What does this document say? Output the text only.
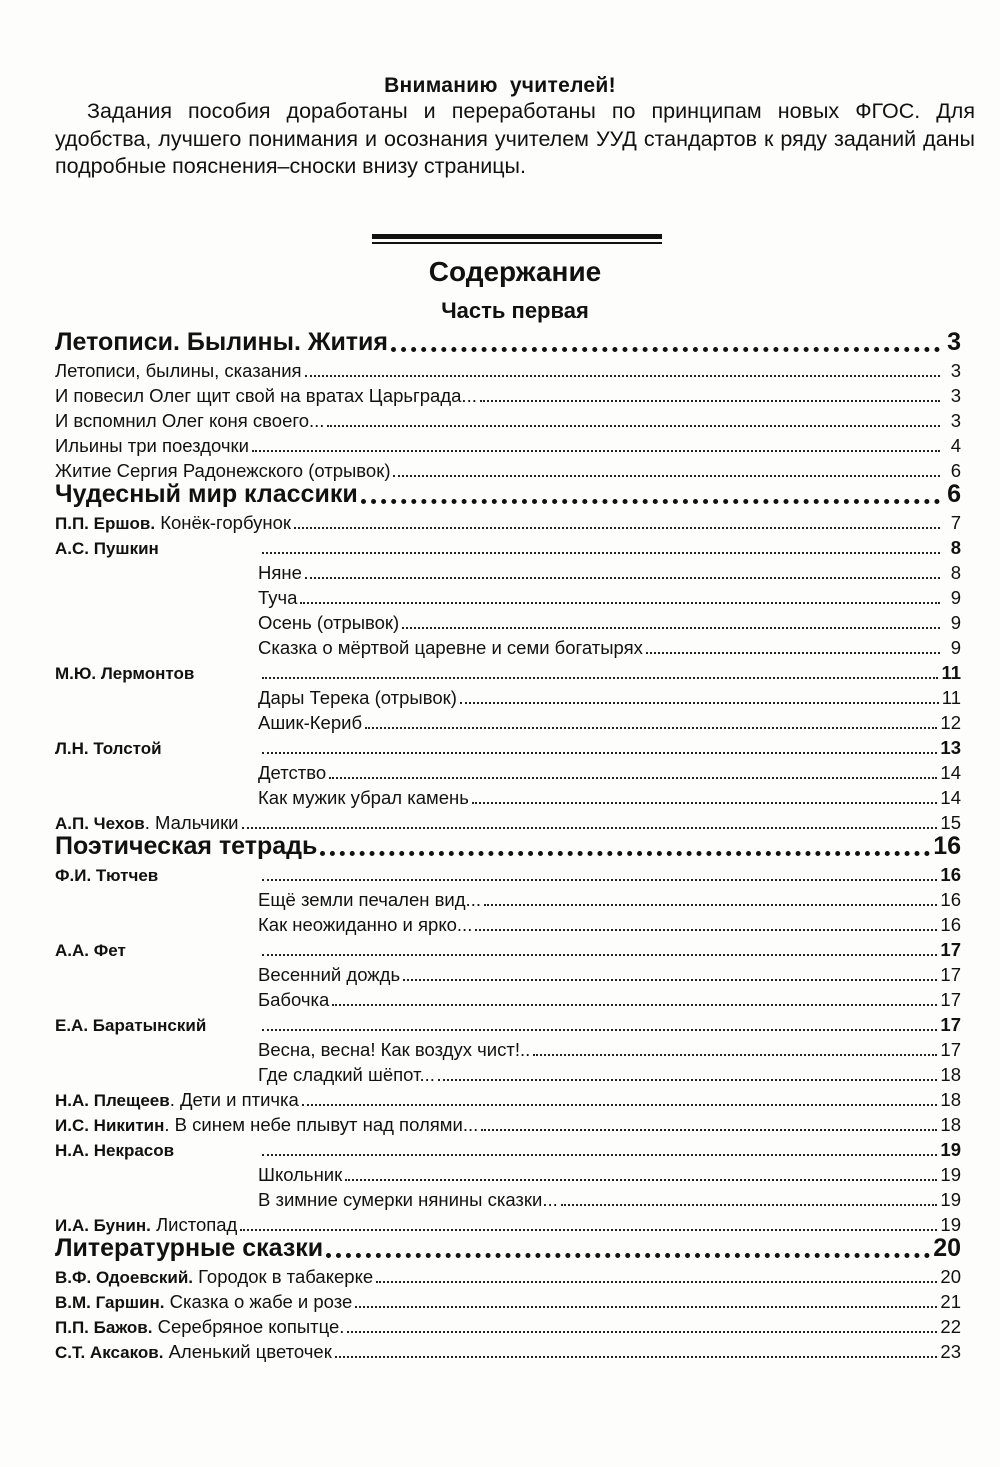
Вниманию учителей!
Задания пособия доработаны и переработаны по принципам новых ФГОС. Для удобства, лучшего понимания и осознания учителем УУД стандартов к ряду заданий даны подробные пояснения–сноски внизу страницы.
Содержание
Часть первая
Летописи. Былины. Жития	3
Летописи, былины, сказания	3
И повесил Олег щит свой на вратах Царьграда...	3
И вспомнил Олег коня своего...	3
Ильины три поездочки	4
Житие Сергия Радонежского (отрывок)	6
Чудесный мир классики	6
П.П. Ершов. Конёк-горбунок	7
А.С. Пушкин	8
Няне	8
Туча	9
Осень (отрывок)	9
Сказка о мёртвой царевне и семи богатырях	9
М.Ю. Лермонтов	11
Дары Терека (отрывок)	11
Ашик-Кериб	12
Л.Н. Толстой	13
Детство	14
Как мужик убрал камень	14
А.П. Чехов. Мальчики	15
Поэтическая тетрадь	16
Ф.И. Тютчев	16
Ещё земли печален вид...	16
Как неожиданно и ярко...	16
А.А. Фет	17
Весенний дождь	17
Бабочка	17
Е.А. Баратынский	17
Весна, весна! Как воздух чист!..	17
Где сладкий шёпот...	18
Н.А. Плещеев. Дети и птичка	18
И.С. Никитин. В синем небе плывут над полями...	18
Н.А. Некрасов	19
Школьник	19
В зимние сумерки нянины сказки...	19
И.А. Бунин. Листопад	19
Литературные сказки	20
В.Ф. Одоевский. Городок в табакерке	20
В.М. Гаршин. Сказка о жабе и розе	21
П.П. Бажов. Серебряное копытце.	22
С.Т. Аксаков. Аленький цветочек	23
